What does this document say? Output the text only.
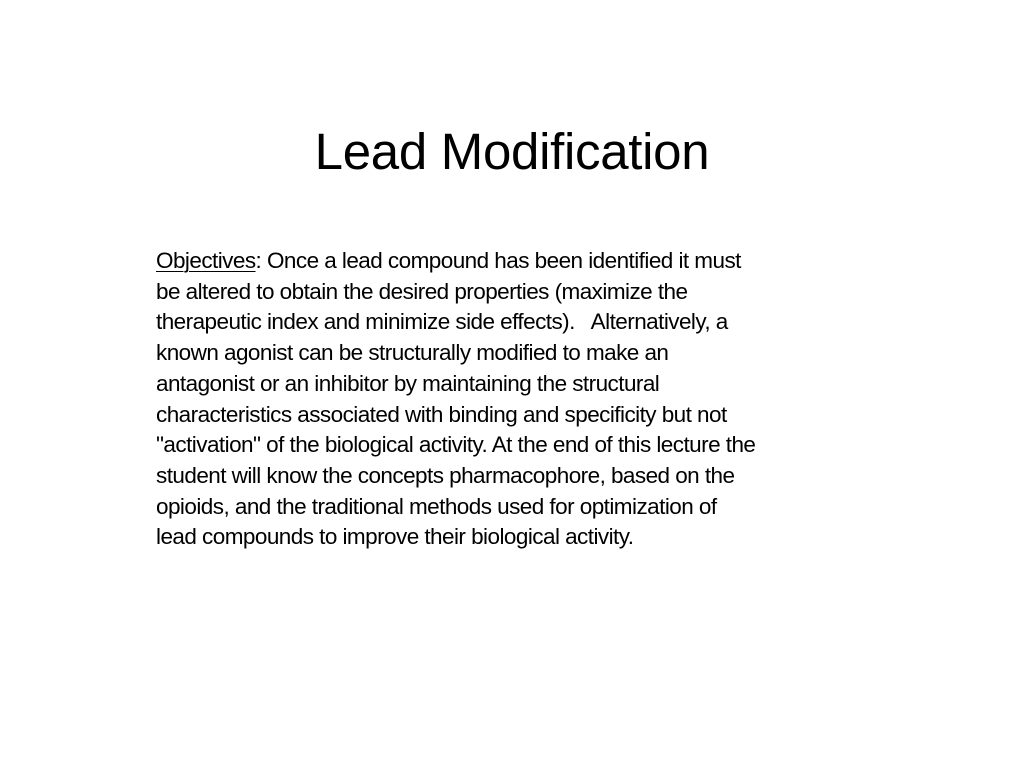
Lead Modification
Objectives: Once a lead compound has been identified it must
be altered to obtain the desired properties (maximize the
therapeutic index and minimize side effects).   Alternatively, a
known agonist can be structurally modified to make an
antagonist or an inhibitor by maintaining the structural
characteristics associated with binding and specificity but not
"activation" of the biological activity. At the end of this lecture the
student will know the concepts pharmacophore, based on the
opioids, and the traditional methods used for optimization of
lead compounds to improve their biological activity.
